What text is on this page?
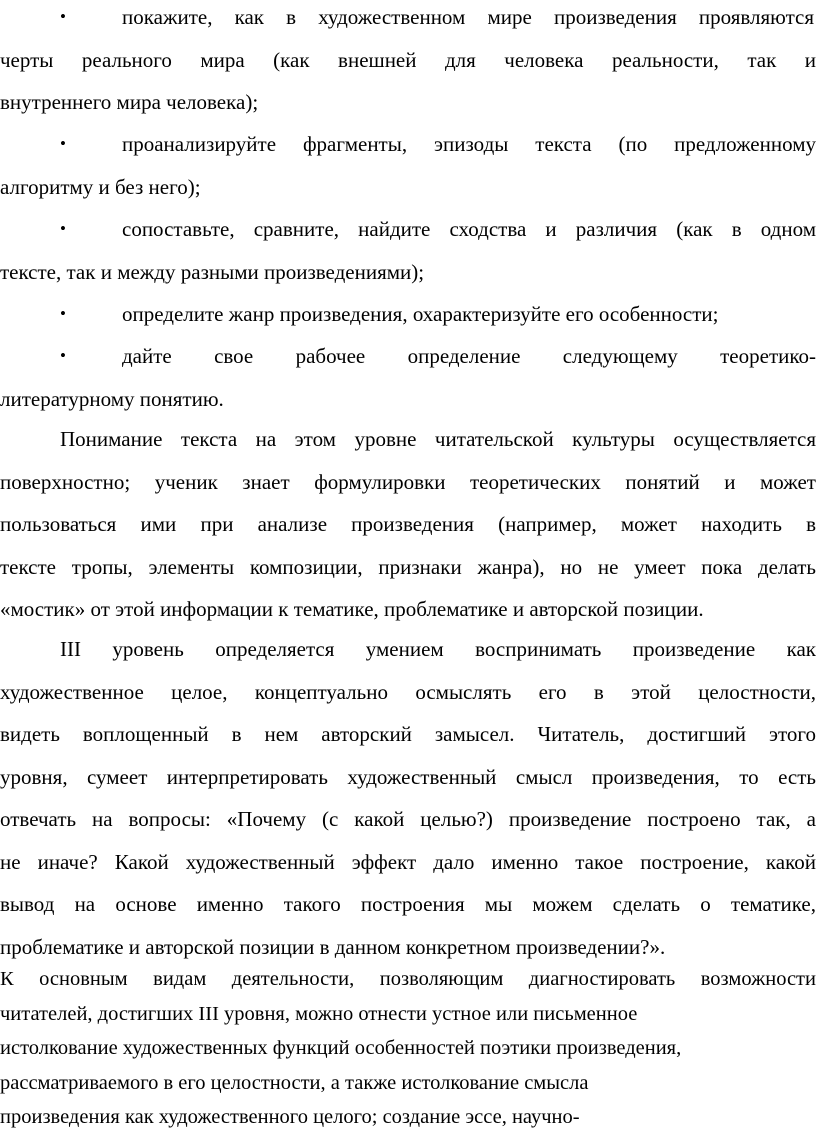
•	покажите, как в художественном мире произведения проявляются
черты реального мира (как внешней для человека реальности, так и
внутреннего мира человека);
•	проанализируйте фрагменты, эпизоды текста (по предложенному
алгоритму и без него);
•	сопоставьте, сравните, найдите сходства и различия (как в одном
тексте, так и между разными произведениями);
•	определите жанр произведения, охарактеризуйте его особенности;
•	дайте свое рабочее определение следующему теоретико-
литературному понятию.
Понимание текста на этом уровне читательской культуры осуществляется
поверхностно; ученик знает формулировки теоретических понятий и может
пользоваться ими при анализе произведения (например, может находить в
тексте тропы, элементы композиции, признаки жанра), но не умеет пока делать
«мостик» от этой информации к тематике, проблематике и авторской позиции.
III уровень определяется умением воспринимать произведение как
художественное целое, концептуально осмыслять его в этой целостности,
видеть воплощенный в нем авторский замысел. Читатель, достигший этого
уровня, сумеет интерпретировать художественный смысл произведения, то есть
отвечать на вопросы: «Почему (с какой целью?) произведение построено так, а
не иначе? Какой художественный эффект дало именно такое построение, какой
вывод на основе именно такого построения мы можем сделать о тематике,
проблематике и авторской позиции в данном конкретном произведении?».
К основным видам деятельности, позволяющим диагностировать возможности
читателей, достигших III уровня, можно отнести устное или письменное
истолкование художественных функций особенностей поэтики произведения,
рассматриваемого в его целостности, а также истолкование смысла
произведения как художественного целого; создание эссе, научно-
